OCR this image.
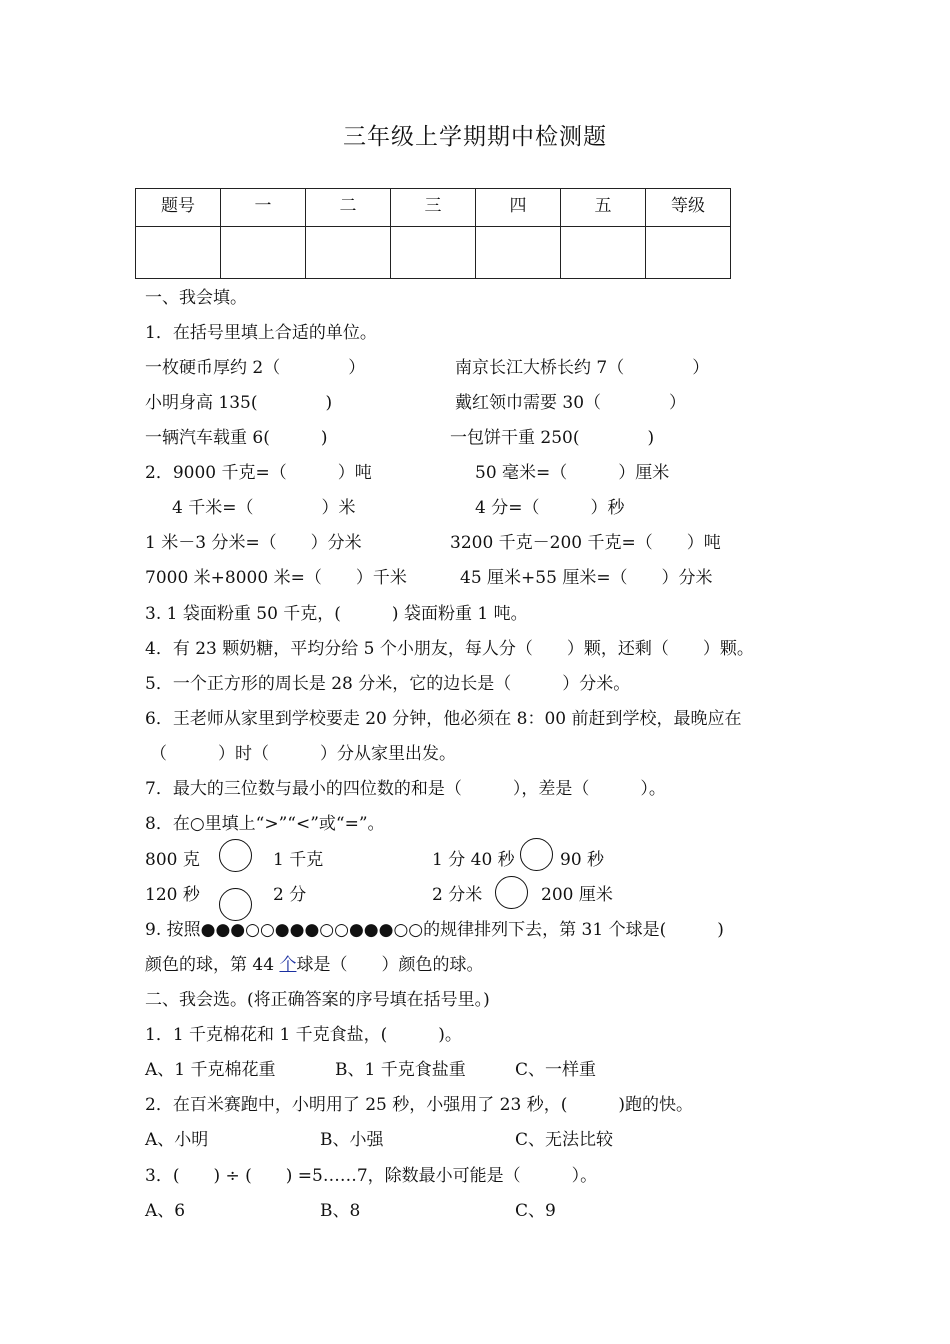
三年级上学期期中检测题
题号	一	二	三	四	五	等级

一、我会填。
1．在括号里填上合适的单位。
一枚硬币厚约 2（　　　　）	南京长江大桥长约 7（　　　　）
小明身高 135(　　　　)	戴红领巾需要 30（　　　　）
一辆汽车载重 6(　　　)	一包饼干重 250(　　　　)
2．9000 千克=（　　　）吨	50 毫米=（　　　）厘米
4 千米=（　　　　）米	4 分=（　　　）秒
1 米－3 分米=（　　）分米	3200 千克－200 千克=（　　）吨
7000 米+8000 米=（　　）千米	45 厘米+55 厘米=（　　）分米
3. 1 袋面粉重 50 千克，(　　　) 袋面粉重 1 吨。
4．有 23 颗奶糖，平均分给 5 个小朋友，每人分（　　）颗，还剩（　　）颗。
5．一个正方形的周长是 28 分米，它的边长是（　　　）分米。
6．王老师从家里到学校要走 20 分钟，他必须在 8：00 前赶到学校，最晚应在
（　　　）时（　　　）分从家里出发。
7．最大的三位数与最小的四位数的和是（　　　），差是（　　　）。
8．在○里填上“>”“<”或“=”。
800 克	1 千克	1 分 40 秒	90 秒
120 秒	2 分	2 分米	200 厘米
9. 按照●●●○○●●●○○●●●○○的规律排列下去，第 31 个球是(　　　)
颜色的球，第 44 个球是（　　）颜色的球。
二、我会选。(将正确答案的序号填在括号里。)
1．1 千克棉花和 1 千克食盐，(　　　)。
A、1 千克棉花重	B、1 千克食盐重	C、一样重
2．在百米赛跑中，小明用了 25 秒，小强用了 23 秒，(　　　)跑的快。
A、小明	B、小强	C、无法比较
3．(　　) ÷ (　　) =5……7，除数最小可能是（　　　）。
A、6	B、8	C、9
